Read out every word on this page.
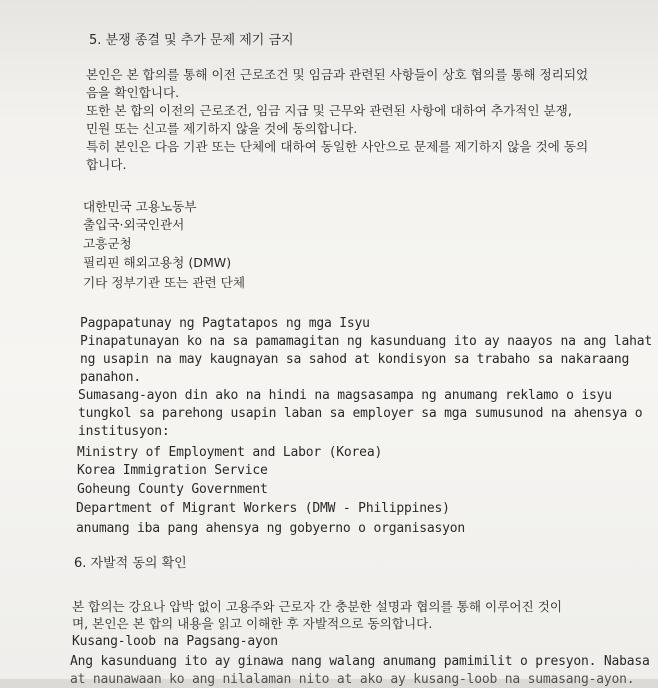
5. 분쟁 종결 및 추가 문제 제기 금지
본인은 본 합의를 통해 이전 근로조건 및 임금과 관련된 사항들이 상호 협의를 통해 정리되었
음을 확인합니다.
또한 본 합의 이전의 근로조건, 임금 지급 및 근무와 관련된 사항에 대하여 추가적인 분쟁,
민원 또는 신고를 제기하지 않을 것에 동의합니다.
특히 본인은 다음 기관 또는 단체에 대하여 동일한 사안으로 문제를 제기하지 않을 것에 동의
합니다.
대한민국 고용노동부
출입국·외국인관서
고흥군청
필리핀 해외고용청 (DMW)
기타 정부기관 또는 관련 단체
Pagpapatunay ng Pagtatapos ng mga Isyu
Pinapatunayan ko na sa pamamagitan ng kasunduang ito ay naayos na ang lahat
ng usapin na may kaugnayan sa sahod at kondisyon sa trabaho sa nakaraang
panahon.
Sumasang-ayon din ako na hindi na magsasampa ng anumang reklamo o isyu
tungkol sa parehong usapin laban sa employer sa mga sumusunod na ahensya o
institusyon:
Ministry of Employment and Labor (Korea)
Korea Immigration Service
Goheung County Government
Department of Migrant Workers (DMW - Philippines)
anumang iba pang ahensya ng gobyerno o organisasyon
6. 자발적 동의 확인
본 합의는 강요나 압박 없이 고용주와 근로자 간 충분한 설명과 협의를 통해 이루어진 것이
며, 본인은 본 합의 내용을 읽고 이해한 후 자발적으로 동의합니다.
Kusang-loob na Pagsang-ayon
Ang kasunduang ito ay ginawa nang walang anumang pamimilit o presyon. Nabasa
at naunawaan ko ang nilalaman nito at ako ay kusang-loob na sumasang-ayon.
